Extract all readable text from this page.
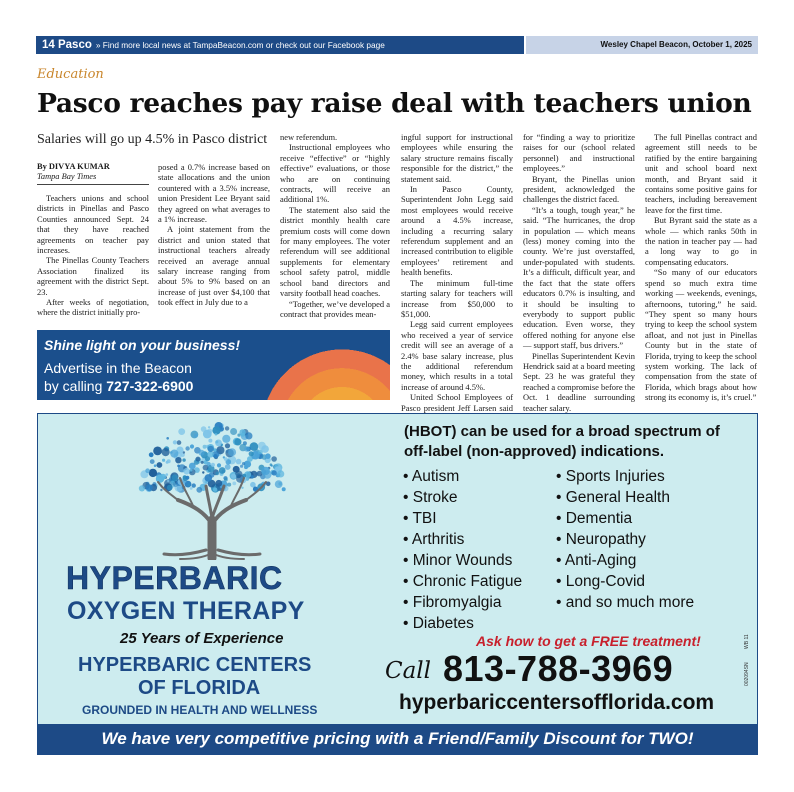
14 Pasco » Find more local news at TampaBeacon.com or check out our Facebook page	Wesley Chapel Beacon, October 1, 2025
Education
Pasco reaches pay raise deal with teachers union
Salaries will go up 4.5% in Pasco district
By DIVYA KUMAR
Tampa Bay Times

Teachers unions and school districts in Pinellas and Pasco Counties announced Sept. 24 that they have reached agreements on teacher pay increases.

The Pinellas County Teachers Association finalized its agreement with the district Sept. 23.

After weeks of negotiation, where the district initially pro-

posed a 0.7% increase based on state allocations and the union countered with a 3.5% increase, union President Lee Bryant said they agreed on what averages to a 1% increase.

A joint statement from the district and union stated that instructional teachers already received an average annual salary increase ranging from about 5% to 9% based on an increase of just over $4,100 that took effect in July due to a

new referendum.

Instructional employees who receive “effective” or “highly effective” evaluations, or those who are on continuing contracts, will receive an additional 1%.

The statement also said the district monthly health care premium costs will come down for many employees. The voter referendum will see additional supplements for elementary school safety patrol, middle school band directors and varsity football head coaches.

“Together, we’ve developed a contract that provides mean-

ingful support for instructional employees while ensuring the salary structure remains fiscally responsible for the district,” the statement said.

In Pasco County, Superintendent John Legg said most employees would receive around a 4.5% increase, including a recurring salary referendum supplement and an increased contribution to eligible employees’ retirement and health benefits.

The minimum full-time starting salary for teachers will increase from $50,000 to $51,000.

Legg said current employees who received a year of service credit will see an average of a 2.4% base salary increase, plus the additional referendum money, which results in a total increase of around 4.5%.

United School Employees of Pasco president Jeff Larsen said

for “finding a way to prioritize raises for our (school related personnel) and instructional employees.”

Bryant, the Pinellas union president, acknowledged the challenges the district faced.

“It’s a tough, tough year,” he said. “The hurricanes, the drop in population — which means (less) money coming into the county. We’re just overstaffed, under-populated with students. It’s a difficult, difficult year, and the fact that the state offers educators 0.7% is insulting, and it should be insulting to everybody to support public education. Even worse, they offered nothing for anyone else — support staff, bus drivers.”

Pinellas Superintendent Kevin Hendrick said at a board meeting Sept. 23 he was grateful they reached a compromise before the Oct. 1 deadline surrounding teacher salary.

The full Pinellas contract and agreement still needs to be ratified by the entire bargaining unit and school board next month, and Bryant said it contains some positive gains for teachers, including bereavement leave for the first time.

But Byrant said the state as a whole — which ranks 50th in the nation in teacher pay — had a long way to go in compensating educators.

“So many of our educators spend so much extra time working — weekends, evenings, afternoons, tutoring,” he said. “They spent so many hours trying to keep the school system afloat, and not just in Pinellas County but in the state of Florida, trying to keep the school system working. The lack of compensation from the state of Florida, which brags about how strong its economy is, it’s cruel.”

Shine light on your business!
Advertise in the Beacon
by calling 727-322-6900
HYPERBARIC
OXYGEN THERAPY
25 Years of Experience
HYPERBARIC CENTERS
OF FLORIDA
GROUNDED IN HEALTH AND WELLNESS
(HBOT) can be used for a broad spectrum of off-label (non-approved) indications.
• Autism
• Stroke
• TBI
• Arthritis
• Minor Wounds
• Chronic Fatigue
• Fibromyalgia
• Diabetes
• Sports Injuries
• General Health
• Dementia
• Neuropathy
• Anti-Aging
• Long-Covid
• and so much more
Ask how to get a FREE treatment!
Call 813-788-3969
hyperbariccentersofflorida.com
WB 11
002094SN
We have very competitive pricing with a Friend/Family Discount for TWO!
